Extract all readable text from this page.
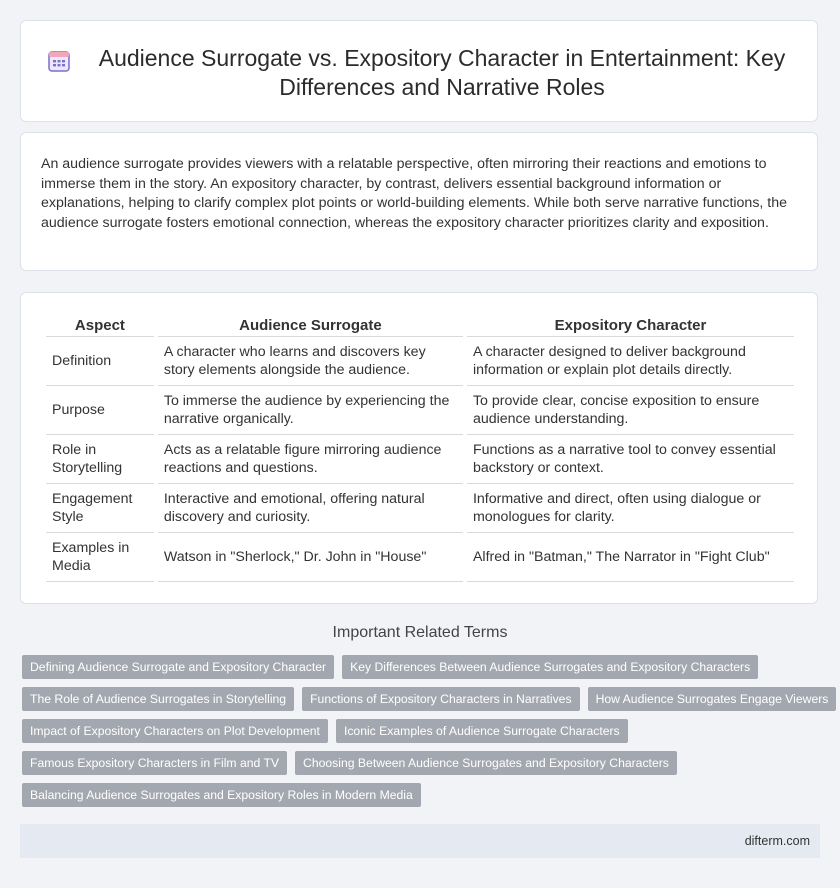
Audience Surrogate vs. Expository Character in Entertainment: Key Differences and Narrative Roles

An audience surrogate provides viewers with a relatable perspective, often mirroring their reactions and emotions to immerse them in the story. An expository character, by contrast, delivers essential background information or explanations, helping to clarify complex plot points or world-building elements. While both serve narrative functions, the audience surrogate fosters emotional connection, whereas the expository character prioritizes clarity and exposition.

Aspect	Audience Surrogate	Expository Character
Definition	A character who learns and discovers key story elements alongside the audience.	A character designed to deliver background information or explain plot details directly.
Purpose	To immerse the audience by experiencing the narrative organically.	To provide clear, concise exposition to ensure audience understanding.
Role in Storytelling	Acts as a relatable figure mirroring audience reactions and questions.	Functions as a narrative tool to convey essential backstory or context.
Engagement Style	Interactive and emotional, offering natural discovery and curiosity.	Informative and direct, often using dialogue or monologues for clarity.
Examples in Media	Watson in "Sherlock," Dr. John in "House"	Alfred in "Batman," The Narrator in "Fight Club"
Important Related Terms
Defining Audience Surrogate and Expository Character	Key Differences Between Audience Surrogates and Expository Characters
The Role of Audience Surrogates in Storytelling	Functions of Expository Characters in Narratives	How Audience Surrogates Engage Viewers
Impact of Expository Characters on Plot Development	Iconic Examples of Audience Surrogate Characters
Famous Expository Characters in Film and TV	Choosing Between Audience Surrogates and Expository Characters
Balancing Audience Surrogates and Expository Roles in Modern Media
difterm.com
